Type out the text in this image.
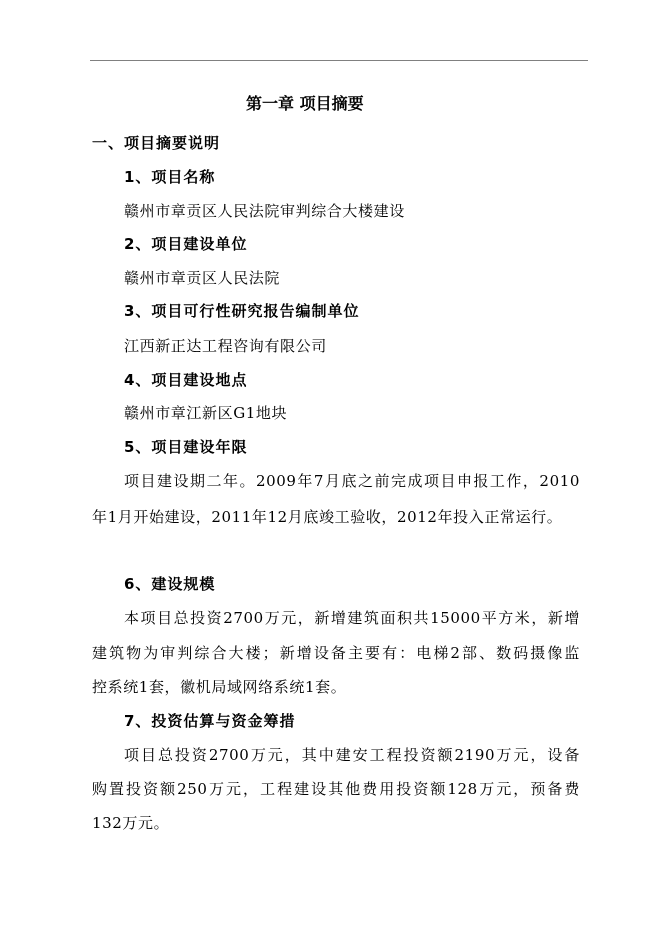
第一章 项目摘要
一、项目摘要说明
1、项目名称
赣州市章贡区人民法院审判综合大楼建设
2、项目建设单位
赣州市章贡区人民法院
3、项目可行性研究报告编制单位
江西新正达工程咨询有限公司
4、项目建设地点
赣州市章江新区G1地块
5、项目建设年限
项目建设期二年。2009年7月底之前完成项目申报工作，2010
年1月开始建设，2011年12月底竣工验收，2012年投入正常运行。
6、建设规模
本项目总投资2700万元，新增建筑面积共15000平方米，新增
建筑物为审判综合大楼；新增设备主要有：电梯2部、数码摄像监
控系统1套，徽机局域网络系统1套。
7、投资估算与资金筹措
项目总投资2700万元，其中建安工程投资额2190万元，设备
购置投资额250万元，工程建设其他费用投资额128万元，预备费
132万元。
